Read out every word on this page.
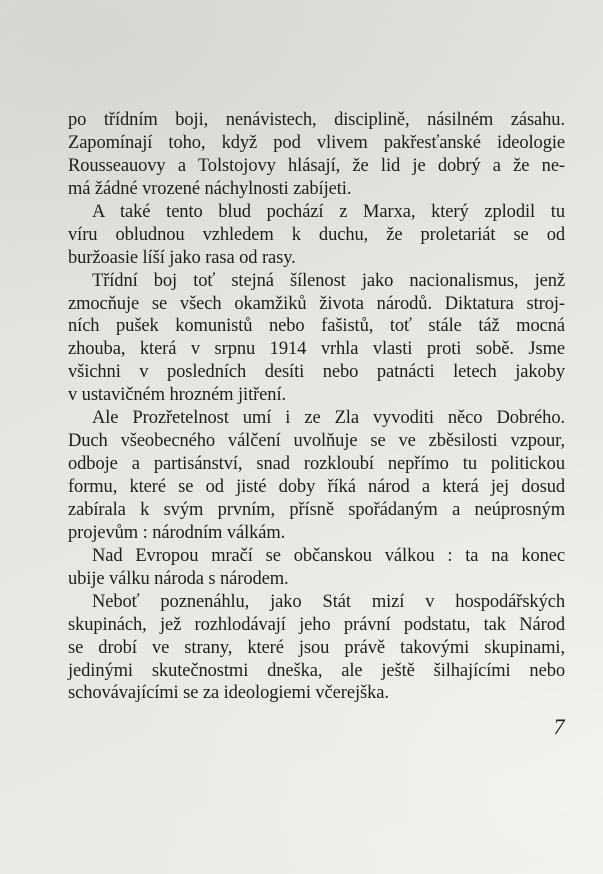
po třídním boji, nenávistech, disciplině, násilném zásahu.
Zapomínají toho, když pod vlivem pakřesťanské ideologie
Rousseauovy a Tolstojovy hlásají, že lid je dobrý a že ne-
má žádné vrozené náchylnosti zabíjeti.
A také tento blud pochází z Marxa, který zplodil tu
víru obludnou vzhledem k duchu, že proletariát se od
buržoasie líší jako rasa od rasy.
Třídní boj toť stejná šílenost jako nacionalismus, jenž
zmocňuje se všech okamžiků života národů. Diktatura stroj-
ních pušek komunistů nebo fašistů, toť stále táž mocná
zhouba, která v srpnu 1914 vrhla vlasti proti sobě. Jsme
všichni v posledních desíti nebo patnácti letech jakoby
v ustavičném hrozném jitření.
Ale Prozřetelnost umí i ze Zla vyvoditi něco Dobrého.
Duch všeobecného válčení uvolňuje se ve zběsilosti vzpour,
odboje a partisánství, snad rozkloubí nepřímo tu politickou
formu, které se od jisté doby říká národ a která jej dosud
zabírala k svým prvním, přísně spořádaným a neúprosným
projevům : národním válkám.
Nad Evropou mračí se občanskou válkou : ta na konec
ubije válku národa s národem.
Neboť poznenáhlu, jako Stát mizí v hospodářských
skupinách, jež rozhlodávají jeho právní podstatu, tak Národ
se drobí ve strany, které jsou právě takovými skupinami,
jedinými skutečnostmi dneška, ale ještě šilhajícími nebo
schovávajícími se za ideologiemi včerejška.
7
